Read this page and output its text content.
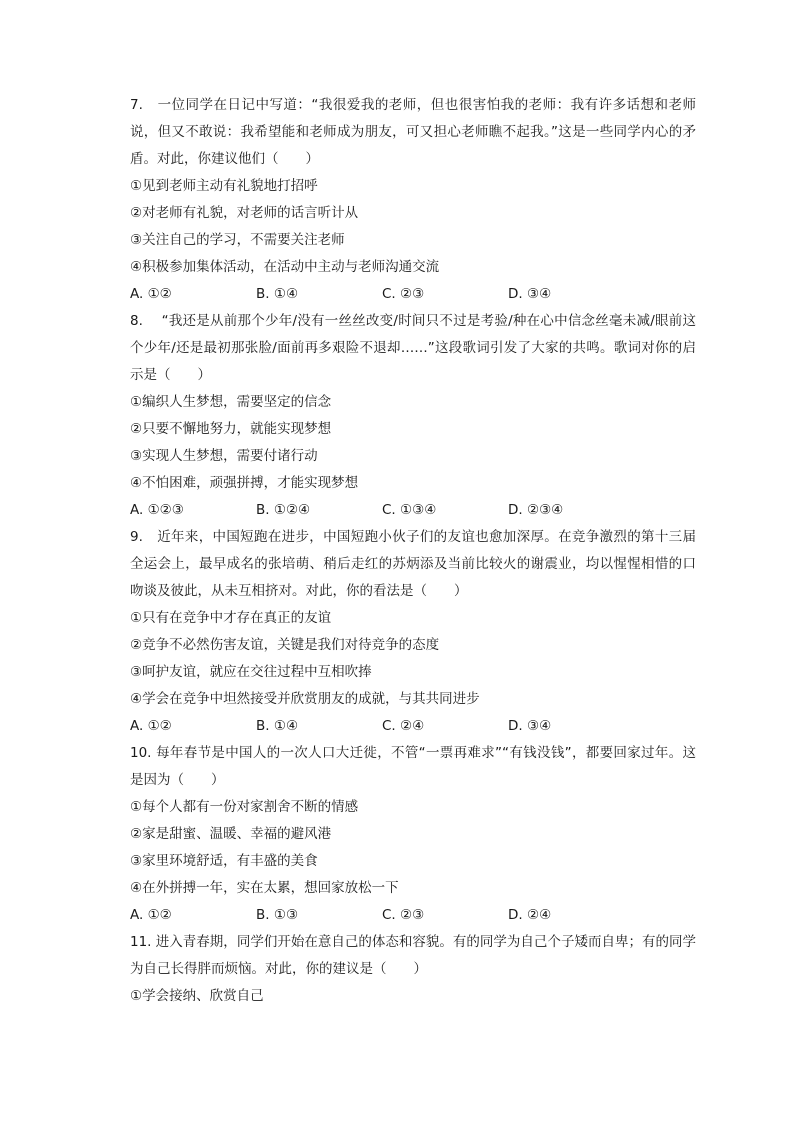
7. 一位同学在日记中写道：“我很爱我的老师，但也很害怕我的老师：我有许多话想和老师说，但又不敢说：我希望能和老师成为朋友，可又担心老师瞧不起我。”这是一些同学内心的矛盾。对此，你建议他们（　　）

①见到老师主动有礼貌地打招呼

②对老师有礼貌，对老师的话言听计从

③关注自己的学习，不需要关注老师

④积极参加集体活动，在活动中主动与老师沟通交流

A. ①②	B. ①④	C. ②③	D. ③④

8. “我还是从前那个少年/没有一丝丝改变/时间只不过是考验/种在心中信念丝毫未减/眼前这个少年/还是最初那张脸/面前再多艰险不退却……”这段歌词引发了大家的共鸣。歌词对你的启示是（　　）

①编织人生梦想，需要坚定的信念

②只要不懈地努力，就能实现梦想

③实现人生梦想，需要付诸行动

④不怕困难，顽强拼搏，才能实现梦想

A. ①②③	B. ①②④	C. ①③④	D. ②③④

9. 近年来，中国短跑在进步，中国短跑小伙子们的友谊也愈加深厚。在竞争激烈的第十三届全运会上，最早成名的张培萌、稍后走红的苏炳添及当前比较火的谢震业，均以惺惺相惜的口吻谈及彼此，从未互相挤对。对此，你的看法是（　　）

①只有在竞争中才存在真正的友谊

②竞争不必然伤害友谊，关键是我们对待竞争的态度

③呵护友谊，就应在交往过程中互相吹捧

④学会在竞争中坦然接受并欣赏朋友的成就，与其共同进步

A. ①②	B. ①④	C. ②④	D. ③④

10. 每年春节是中国人的一次人口大迁徙，不管“一票再难求”“有钱没钱”，都要回家过年。这是因为（　　）

①每个人都有一份对家割舍不断的情感

②家是甜蜜、温暖、幸福的避风港

③家里环境舒适，有丰盛的美食

④在外拼搏一年，实在太累，想回家放松一下

A. ①②	B. ①③	C. ②③	D. ②④

11. 进入青春期，同学们开始在意自己的体态和容貌。有的同学为自己个子矮而自卑；有的同学为自己长得胖而烦恼。对此，你的建议是（　　）

①学会接纳、欣赏自己
